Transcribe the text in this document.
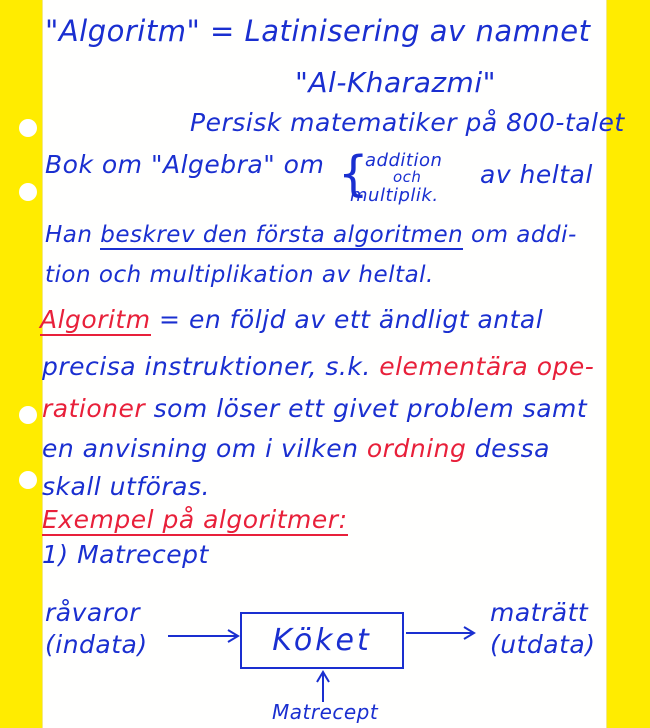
"Algoritm" = Latinisering av namnet
"Al-Kharazmi"
Persisk matematiker på 800-talet
Bok om "Algebra" om {
addition
och
multiplik.
av heltal
Han beskrev den första algoritmen om addi-
tion och multiplikation av heltal.
Algoritm = en följd av ett ändligt antal
precisa instruktioner, s.k. elementära ope-
rationer som löser ett givet problem samt
en anvisning om i vilken ordning dessa
skall utföras.
Exempel på algoritmer:
1) Matrecept
råvaror
(indata)	Köket
maträtt
(utdata)
Matrecept
